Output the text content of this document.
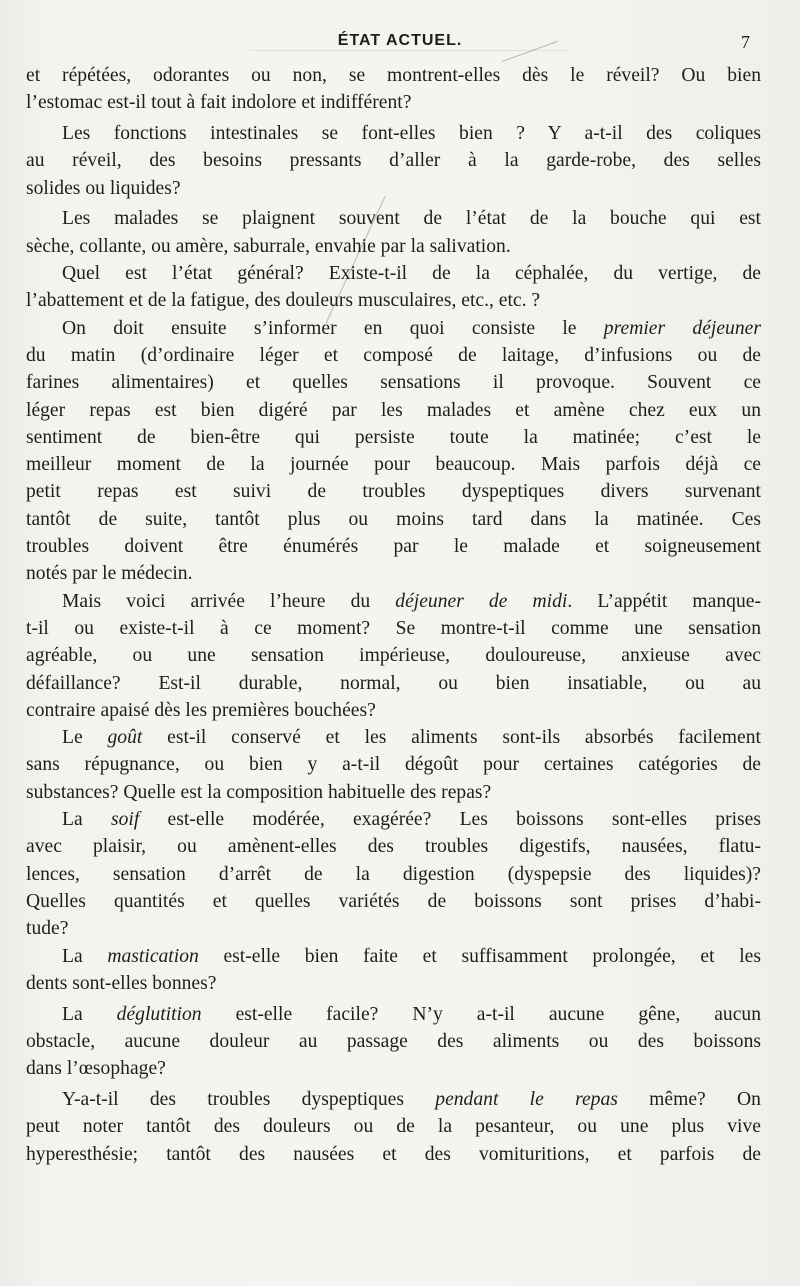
ÉTAT ACTUEL.	7
et répétées, odorantes ou non, se montrent-elles dès le réveil? Ou bien
l’estomac est-il tout à fait indolore et indifférent?
Les fonctions intestinales se font-elles bien ? Y a-t-il des coliques
au réveil, des besoins pressants d’aller à la garde-robe, des selles
solides ou liquides?
Les malades se plaignent souvent de l’état de la bouche qui est
sèche, collante, ou amère, saburrale, envahie par la salivation.
Quel est l’état général? Existe-t-il de la céphalée, du vertige, de
l’abattement et de la fatigue, des douleurs musculaires, etc., etc. ?
On doit ensuite s’informer en quoi consiste le premier déjeuner
du matin (d’ordinaire léger et composé de laitage, d’infusions ou de
farines alimentaires) et quelles sensations il provoque. Souvent ce
léger repas est bien digéré par les malades et amène chez eux un
sentiment de bien-être qui persiste toute la matinée; c’est le
meilleur moment de la journée pour beaucoup. Mais parfois déjà ce
petit repas est suivi de troubles dyspeptiques divers survenant
tantôt de suite, tantôt plus ou moins tard dans la matinée. Ces
troubles doivent être énumérés par le malade et soigneusement
notés par le médecin.
Mais voici arrivée l’heure du déjeuner de midi. L’appétit manque-
t-il ou existe-t-il à ce moment? Se montre-t-il comme une sensation
agréable, ou une sensation impérieuse, douloureuse, anxieuse avec
défaillance? Est-il durable, normal, ou bien insatiable, ou au
contraire apaisé dès les premières bouchées?
Le goût est-il conservé et les aliments sont-ils absorbés facilement
sans répugnance, ou bien y a-t-il dégoût pour certaines catégories de
substances? Quelle est la composition habituelle des repas?
La soif est-elle modérée, exagérée? Les boissons sont-elles prises
avec plaisir, ou amènent-elles des troubles digestifs, nausées, flatu-
lences, sensation d’arrêt de la digestion (dyspepsie des liquides)?
Quelles quantités et quelles variétés de boissons sont prises d’habi-
tude?
La mastication est-elle bien faite et suffisamment prolongée, et les
dents sont-elles bonnes?
La déglutition est-elle facile? N’y a-t-il aucune gêne, aucun
obstacle, aucune douleur au passage des aliments ou des boissons
dans l’œsophage?
Y-a-t-il des troubles dyspeptiques pendant le repas même? On
peut noter tantôt des douleurs ou de la pesanteur, ou une plus vive
hyperesthésie; tantôt des nausées et des vomituritions, et parfois de
